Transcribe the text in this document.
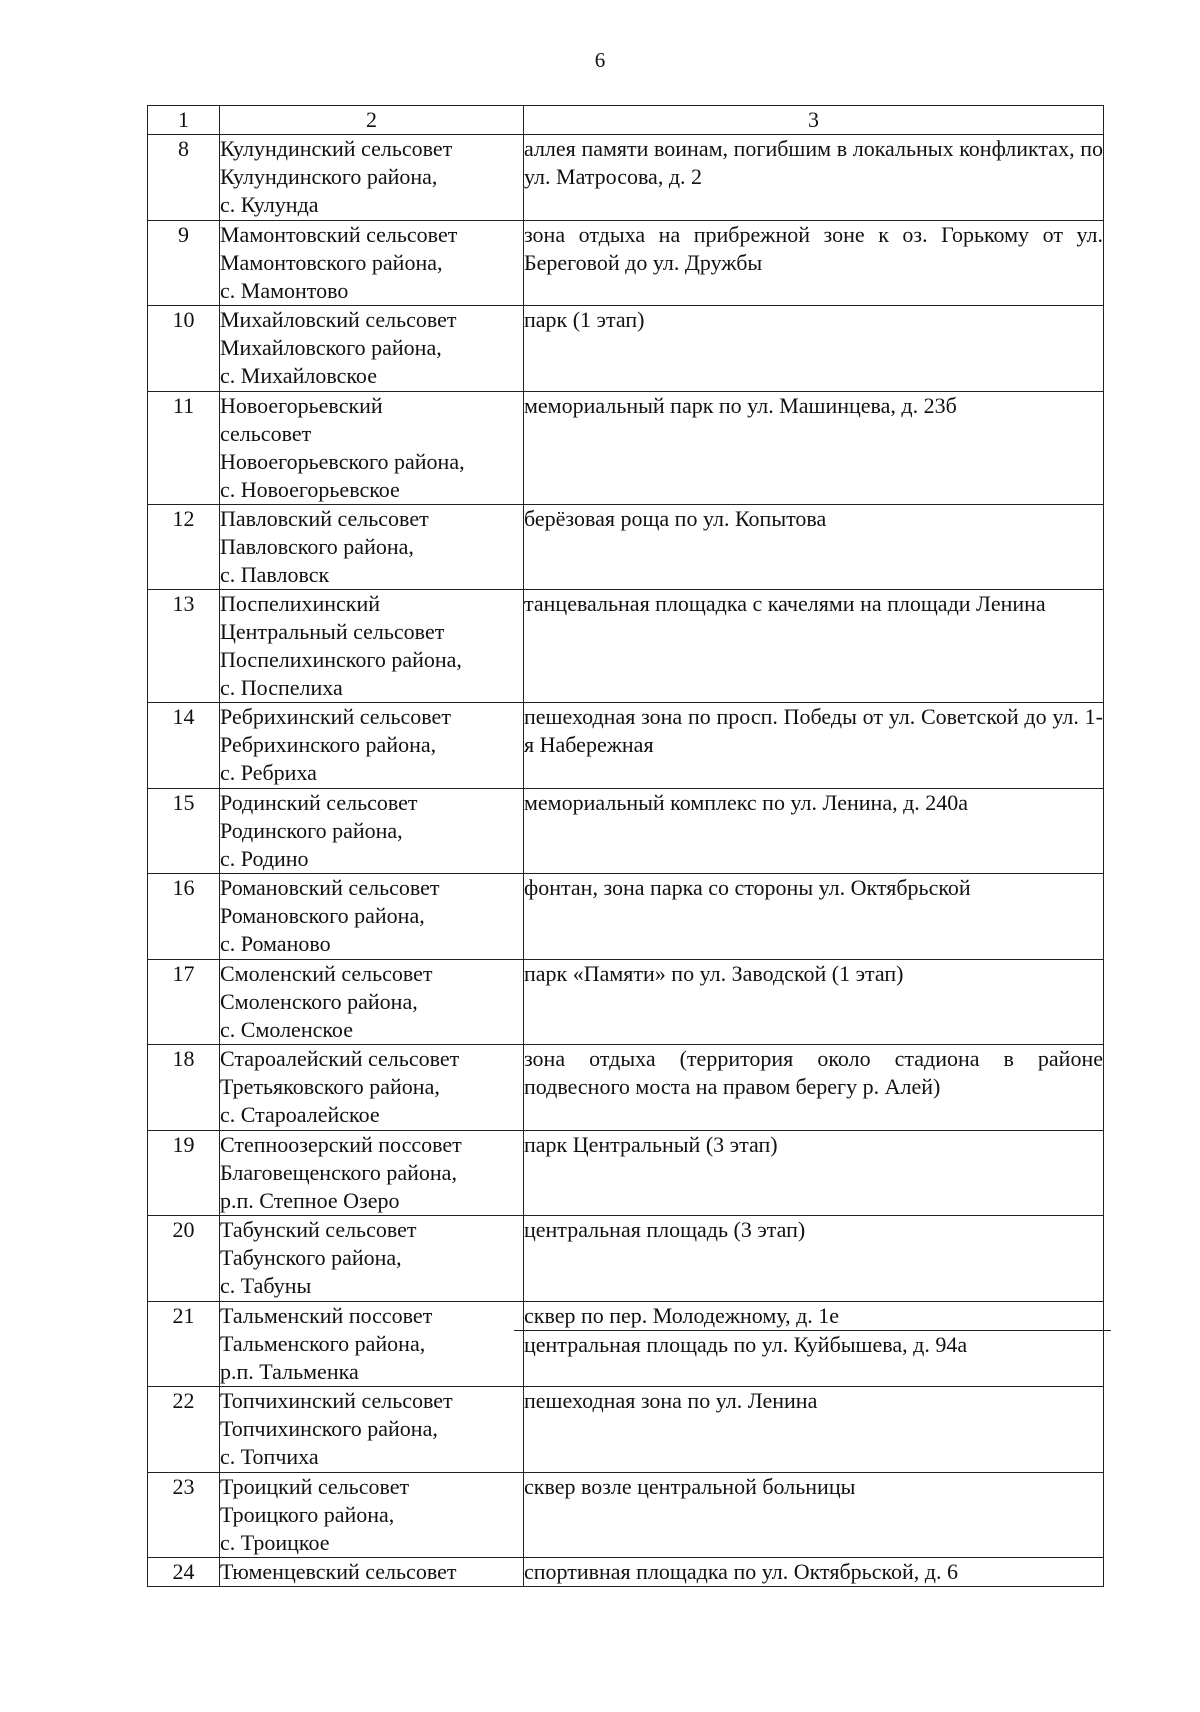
6
1	2	3
8	Кулундинский сельсовет
Кулундинского района,
с. Кулунда	аллея памяти воинам, погибшим в локальных конфликтах, по ул. Матросова, д. 2

9	Мамонтовский сельсовет
Мамонтовского района,
с. Мамонтово	зона отдыха на прибрежной зоне к оз. Горькому от ул. Береговой до ул. Дружбы

10	Михайловский сельсовет
Михайловского района,
с. Михайловское	парк (1 этап)

11	Новоегорьевский
сельсовет
Новоегорьевского района,
с. Новоегорьевское	мемориальный парк по ул. Машинцева, д. 23б

12	Павловский сельсовет
Павловского района,
с. Павловск	берёзовая роща по ул. Копытова

13	Поспелихинский
Центральный сельсовет
Поспелихинского района,
с. Поспелиха	танцевальная площадка с качелями на площади Ленина

14	Ребрихинский сельсовет
Ребрихинского района,
с. Ребриха	пешеходная зона по просп. Победы от ул. Советской до ул. 1-я Набережная

15	Родинский сельсовет
Родинского района,
с. Родино	мемориальный комплекс по ул. Ленина, д. 240а

16	Романовский сельсовет
Романовского района,
с. Романово	фонтан, зона парка со стороны ул. Октябрьской

17	Смоленский сельсовет
Смоленского района,
с. Смоленское	парк «Памяти» по ул. Заводской (1 этап)

18	Староалейский сельсовет
Третьяковского района,
с. Староалейское	зона отдыха (территория около стадиона в районе подвесного моста на правом берегу р. Алей)

19	Степноозерский поссовет
Благовещенского района,
р.п. Степное Озеро	парк Центральный (3 этап)

20	Табунский сельсовет
Табунского района,
с. Табуны	центральная площадь (3 этап)

21	Тальменский поссовет
Тальменского района,
р.п. Тальменка	сквер по пер. Молодежному, д. 1е
центральная площадь по ул. Куйбышева, д. 94а

22	Топчихинский сельсовет
Топчихинского района,
с. Топчиха	пешеходная зона по ул. Ленина

23	Троицкий сельсовет
Троицкого района,
с. Троицкое	сквер возле центральной больницы

24	Тюменцевский сельсовет	спортивная площадка по ул. Октябрьской, д. 6
